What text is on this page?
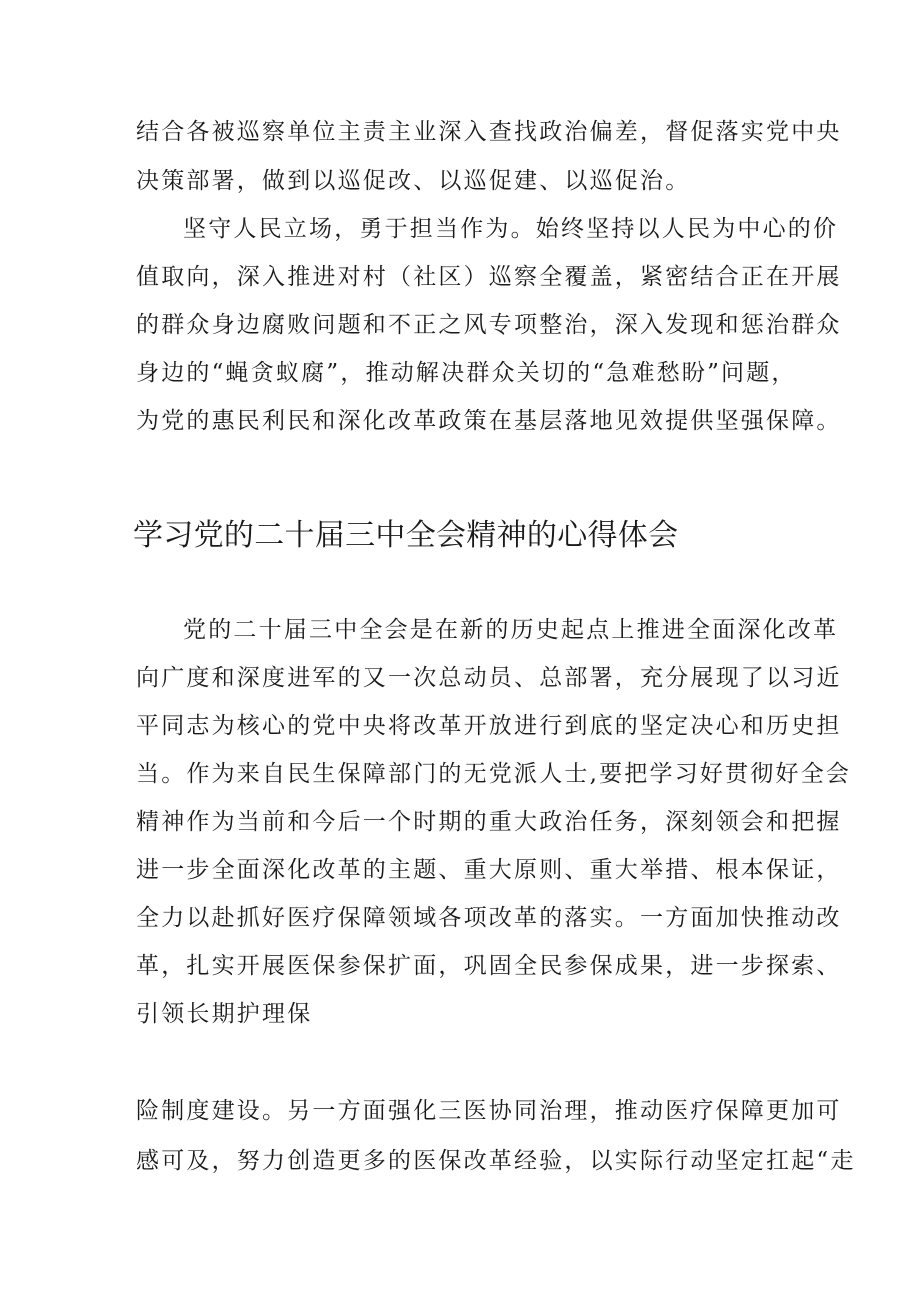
结合各被巡察单位主责主业深入查找政治偏差，督促落实党中央
决策部署，做到以巡促改、以巡促建、以巡促治。
坚守人民立场，勇于担当作为。始终坚持以人民为中心的价
值取向，深入推进对村（社区）巡察全覆盖，紧密结合正在开展
的群众身边腐败问题和不正之风专项整治，深入发现和惩治群众
身边的“蝇贪蚁腐”，推动解决群众关切的“急难愁盼”问题，
为党的惠民利民和深化改革政策在基层落地见效提供坚强保障。
学习党的二十届三中全会精神的心得体会
党的二十届三中全会是在新的历史起点上推进全面深化改革
向广度和深度进军的又一次总动员、总部署，充分展现了以习近
平同志为核心的党中央将改革开放进行到底的坚定决心和历史担
当。作为来自民生保障部门的无党派人士,要把学习好贯彻好全会
精神作为当前和今后一个时期的重大政治任务，深刻领会和把握
进一步全面深化改革的主题、重大原则、重大举措、根本保证，
全力以赴抓好医疗保障领域各项改革的落实。一方面加快推动改
革，扎实开展医保参保扩面，巩固全民参保成果，进一步探索、
引领长期护理保
险制度建设。另一方面强化三医协同治理，推动医疗保障更加可
感可及，努力创造更多的医保改革经验，以实际行动坚定扛起“走
